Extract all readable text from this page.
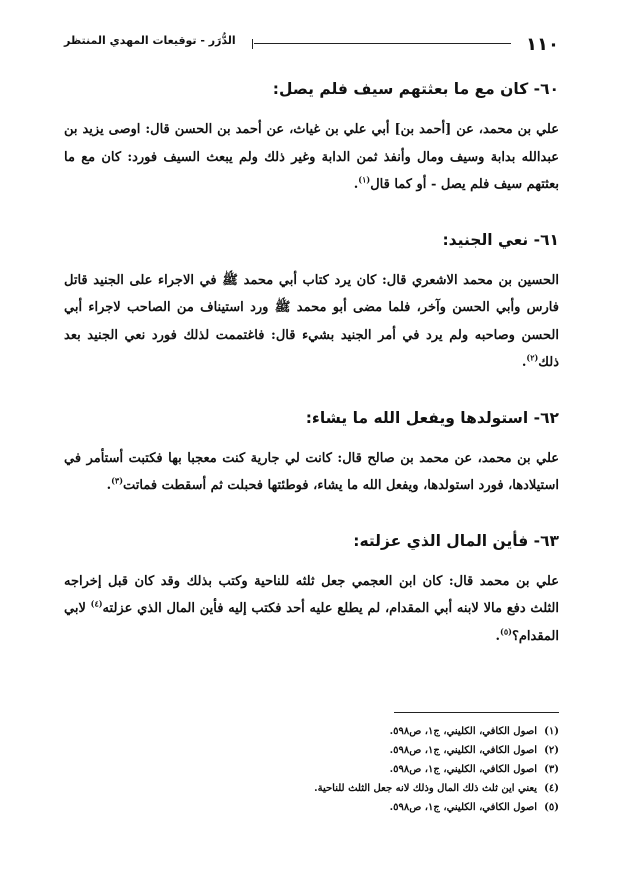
١١٠
الدُّرَر - توقيعات المهدي المنتظر
٦٠- كان مع ما بعثتهم سيف فلم يصل:

علي بن محمد، عن [أحمد بن] أبي علي بن غياث، عن أحمد بن الحسن قال: اوصى يزيد بن عبدالله بدابة وسيف ومال وأنفذ ثمن الدابة وغير ذلك ولم يبعث السيف فورد: كان مع ما بعثتهم سيف فلم يصل - أو كما قال$^{(١)}$.

٦١- نعي الجنيد:

الحسين بن محمد الاشعري قال: كان يرد كتاب أبي محمد ﷺ في الاجراء على الجنيد قاتل فارس وأبي الحسن وآخر، فلما مضى أبو محمد ﷺ ورد استيناف من الصاحب لاجراء أبي الحسن وصاحبه ولم يرد في أمر الجنيد بشيء قال: فاغتممت لذلك فورد نعي الجنيد بعد ذلك$^{(٢)}$.

٦٢- استولدها ويفعل الله ما يشاء:

علي بن محمد، عن محمد بن صالح قال: كانت لي جارية كنت معجبا بها فكتبت أستأمر في استيلادها، فورد استولدها، ويفعل الله ما يشاء، فوطئتها فحبلت ثم أسقطت فماتت$^{(٣)}$.

٦٣- فأين المال الذي عزلته:

علي بن محمد قال: كان ابن العجمي جعل ثلثه للناحية وكتب بذلك وقد كان قبل إخراجه الثلث دفع مالا لابنه أبي المقدام، لم يطلع عليه أحد فكتب إليه فأين المال الذي عزلته$^{(٤)}$ لابي المقدام؟$^{(٥)}$.

(١)اصول الكافي، الكليني، ج١، ص٥٩٨.
(٢)اصول الكافي، الكليني، ج١، ص٥٩٨.
(٣)اصول الكافي، الكليني، ج١، ص٥٩٨.
(٤)يعني اين ثلث ذلك المال وذلك لانه جعل الثلث للناحية.
(٥)اصول الكافي، الكليني، ج١، ص٥٩٨.
